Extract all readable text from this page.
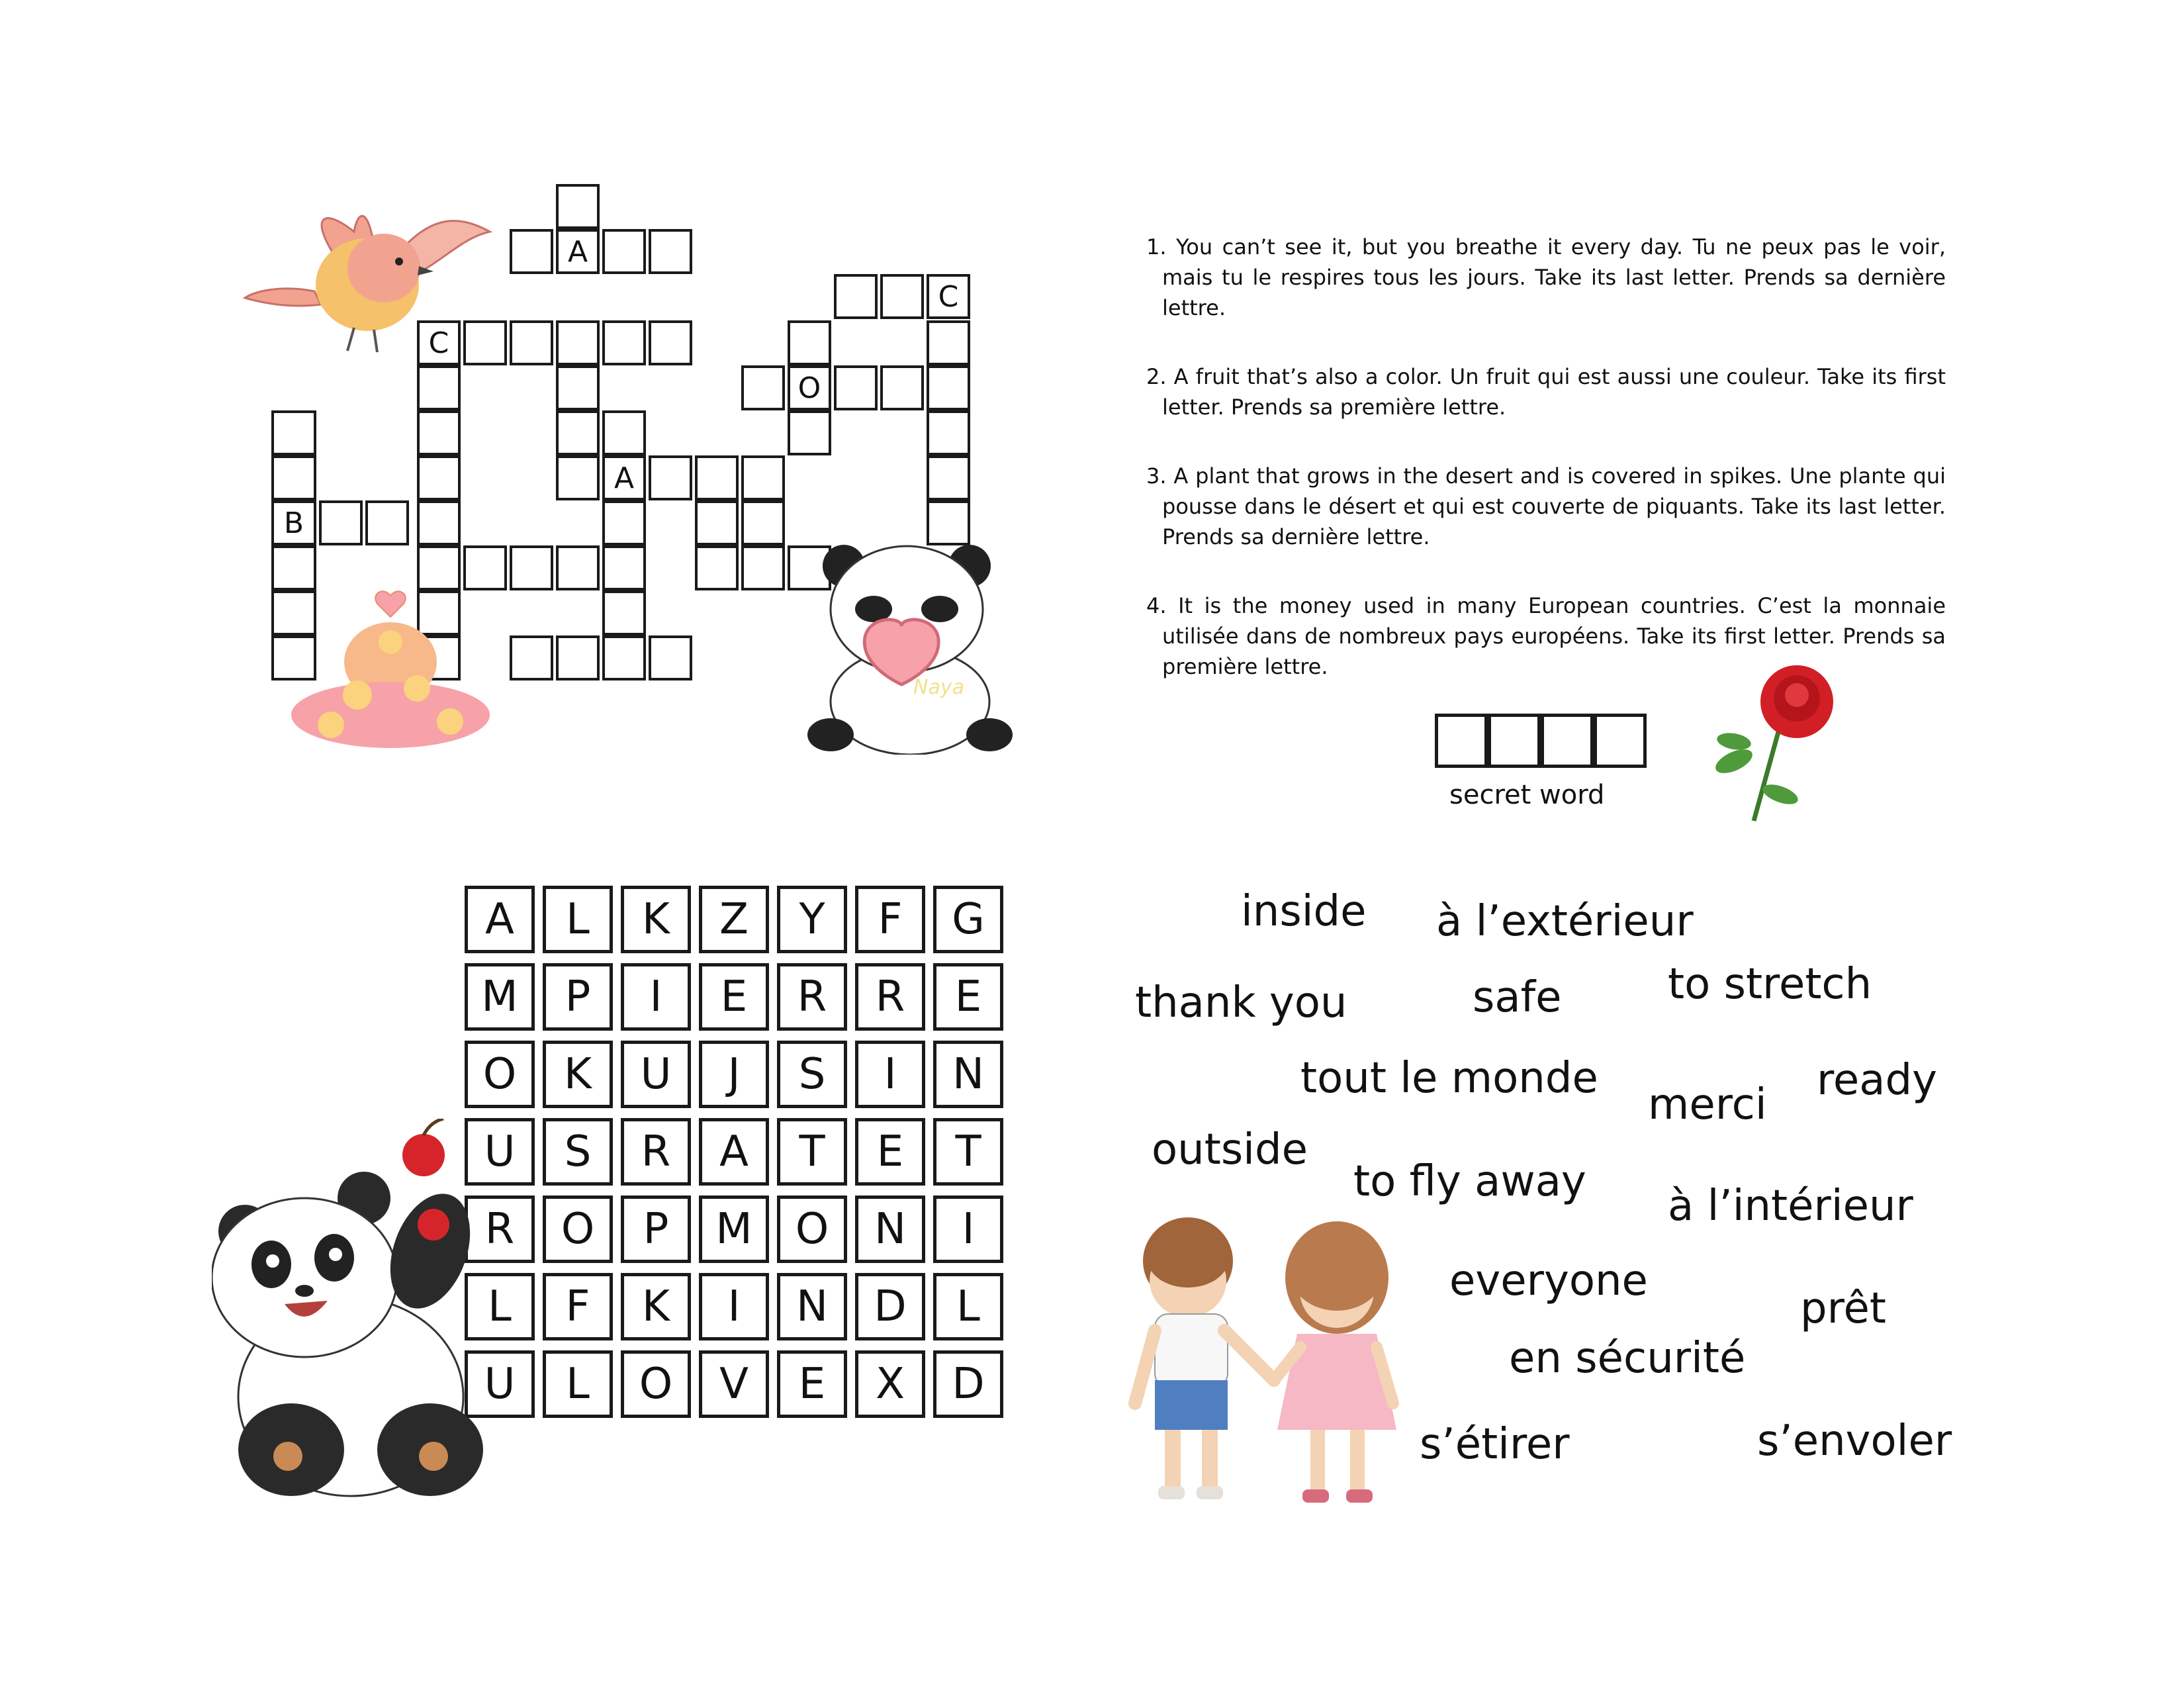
A
C
B
A
O
C
Naya

1. You can’t see it, but you breathe it every day. Tu ne peux pas le voir, mais tu le respires tous les jours. Take its last letter. Prends sa dernière lettre.

2. A fruit that’s also a color. Un fruit qui est aussi une couleur. Take its first letter. Prends sa première lettre.

3. A plant that grows in the desert and is covered in spikes. Une plante qui pousse dans le désert et qui est couverte de piquants. Take its last letter. Prends sa dernière lettre.

4. It is the money used in many European countries. C’est la monnaie utilisée dans de nombreux pays européens. Take its first letter. Prends sa première lettre.

secret word
A	L	K	Z	Y	F	G
M	P	I	E	R	R	E
O	K	U	J	S	I	N
U	S	R	A	T	E	T
R	O	P	M	O	N	I
L	F	K	I	N	D	L
U	L	O	V	E	X	D
inside à l’extérieur
thank you	safe	to stretch
tout le monde
merci ready
outside
to fly away à l’intérieur
everyone
prêt
en sécurité
s’étirer	s’envoler
